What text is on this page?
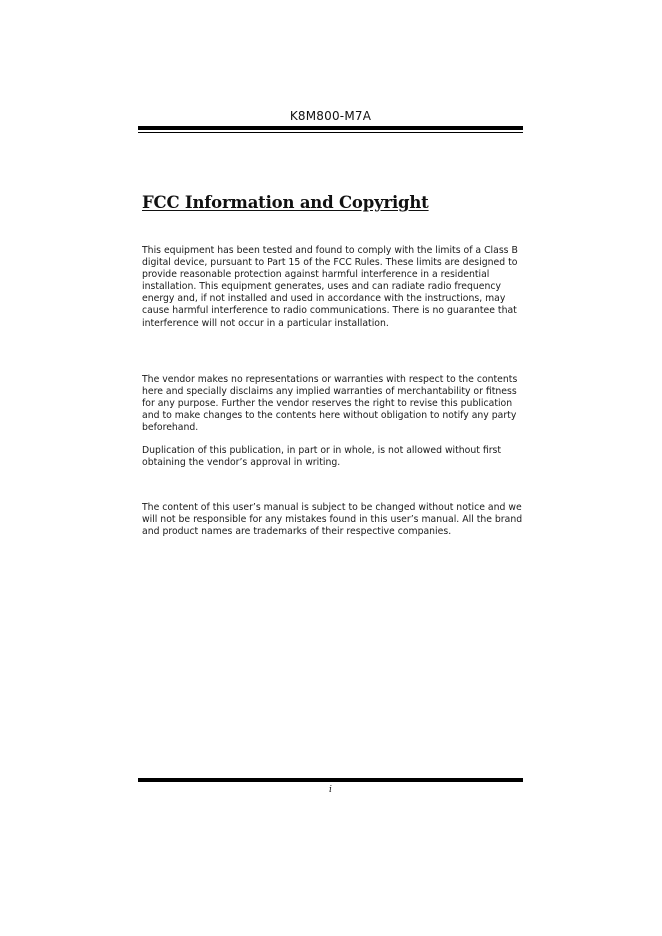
K8M800-M7A
FCC Information and Copyright

This equipment has been tested and found to comply with the limits of a Class B digital device, pursuant to Part 15 of the FCC Rules. These limits are designed to provide reasonable protection against harmful interference in a residential installation. This equipment generates, uses and can radiate radio frequency energy and, if not installed and used in accordance with the instructions, may cause harmful interference to radio communications. There is no guarantee that interference will not occur in a particular installation.

The vendor makes no representations or warranties with respect to the contents here and specially disclaims any implied warranties of merchantability or fitness for any purpose. Further the vendor reserves the right to revise this publication and to make changes to the contents here without obligation to notify any party beforehand.

Duplication of this publication, in part or in whole, is not allowed without first obtaining the vendor’s approval in writing.

The content of this user’s manual is subject to be changed without notice and we will not be responsible for any mistakes found in this user’s manual. All the brand and product names are trademarks of their respective companies.

i
